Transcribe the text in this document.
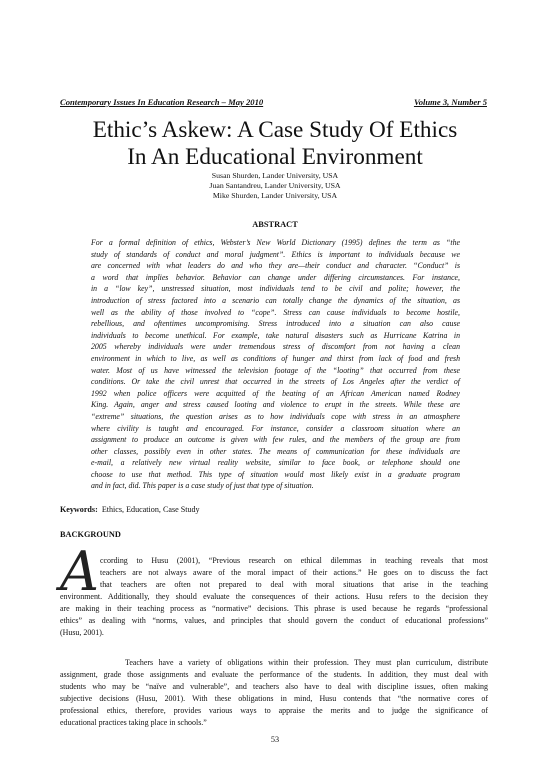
Contemporary Issues In Education Research – May 2010	Volume 3, Number 5
Ethic’s Askew: A Case Study Of Ethics
In An Educational Environment
Susan Shurden, Lander University, USA
Juan Santandreu, Lander University, USA
Mike Shurden, Lander University, USA
ABSTRACT
For a formal definition of ethics, Webster’s New World Dictionary (1995) defines the term as “the
study of standards of conduct and moral judgment”. Ethics is important to individuals because we
are concerned with what leaders do and who they are—their conduct and character. “Conduct” is
a word that implies behavior. Behavior can change under differing circumstances. For instance,
in a “low key”, unstressed situation, most individuals tend to be civil and polite; however, the
introduction of stress factored into a scenario can totally change the dynamics of the situation, as
well as the ability of those involved to “cope”. Stress can cause individuals to become hostile,
rebellious, and oftentimes uncompromising. Stress introduced into a situation can also cause
individuals to become unethical. For example, take natural disasters such as Hurricane Katrina in
2005 whereby individuals were under tremendous stress of discomfort from not having a clean
environment in which to live, as well as conditions of hunger and thirst from lack of food and fresh
water. Most of us have witnessed the television footage of the “looting” that occurred from these
conditions. Or take the civil unrest that occurred in the streets of Los Angeles after the verdict of
1992 when police officers were acquitted of the beating of an African American named Rodney
King. Again, anger and stress caused looting and violence to erupt in the streets. While these are
“extreme” situations, the question arises as to how individuals cope with stress in an atmosphere
where civility is taught and encouraged. For instance, consider a classroom situation where an
assignment to produce an outcome is given with few rules, and the members of the group are from
other classes, possibly even in other states. The means of communication for these individuals are
e-mail, a relatively new virtual reality website, similar to face book, or telephone should one
choose to use that method. This type of situation would most likely exist in a graduate program
and in fact, did. This paper is a case study of just that type of situation.
Keywords: Ethics, Education, Case Study
BACKGROUND
A ccording to Husu (2001), “Previous research on ethical dilemmas in teaching reveals that most
teachers are not always aware of the moral impact of their actions.” He goes on to discuss the fact
that teachers are often not prepared to deal with moral situations that arise in the teaching
environment. Additionally, they should evaluate the consequences of their actions. Husu refers to the decision they
are making in their teaching process as “normative” decisions. This phrase is used because he regards “professional
ethics” as dealing with “norms, values, and principles that should govern the conduct of educational professions”
(Husu, 2001).
Teachers have a variety of obligations within their profession. They must plan curriculum, distribute
assignment, grade those assignments and evaluate the performance of the students. In addition, they must deal with
students who may be “naïve and vulnerable”, and teachers also have to deal with discipline issues, often making
subjective decisions (Husu, 2001). With these obligations in mind, Husu contends that “the normative cores of
professional ethics, therefore, provides various ways to appraise the merits and to judge the significance of
educational practices taking place in schools.”
53
